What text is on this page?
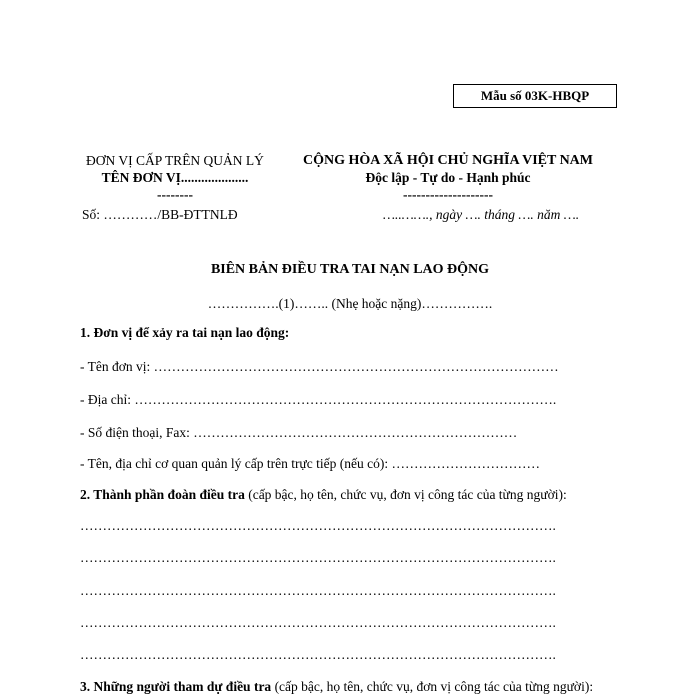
Mẫu số 03K-HBQP
ĐƠN VỊ CẤP TRÊN QUẢN LÝ
TÊN ĐƠN VỊ....................
--------
CỘNG HÒA XÃ HỘI CHỦ NGHĨA VIỆT NAM
Độc lập - Tự do - Hạnh phúc
--------------------
Số: …………/BB-ĐTTNLĐ	…..……., ngày …. tháng …. năm ….
BIÊN BẢN ĐIỀU TRA TAI NẠN LAO ĐỘNG
…………….(1)…….. (Nhẹ hoặc nặng)…………….
1. Đơn vị để xảy ra tai nạn lao động:
- Tên đơn vị: ………………………………………………………………………………
- Địa chỉ: ………………………………………………………………………………….
- Số điện thoại, Fax: ………………………………………………………………
- Tên, địa chỉ cơ quan quản lý cấp trên trực tiếp (nếu có): ……………………………
2. Thành phần đoàn điều tra (cấp bậc, họ tên, chức vụ, đơn vị công tác của từng người):
…………………………………………………………………………………………….
…………………………………………………………………………………………….
…………………………………………………………………………………………….
…………………………………………………………………………………………….
…………………………………………………………………………………………….
3. Những người tham dự điều tra (cấp bậc, họ tên, chức vụ, đơn vị công tác của từng người):
